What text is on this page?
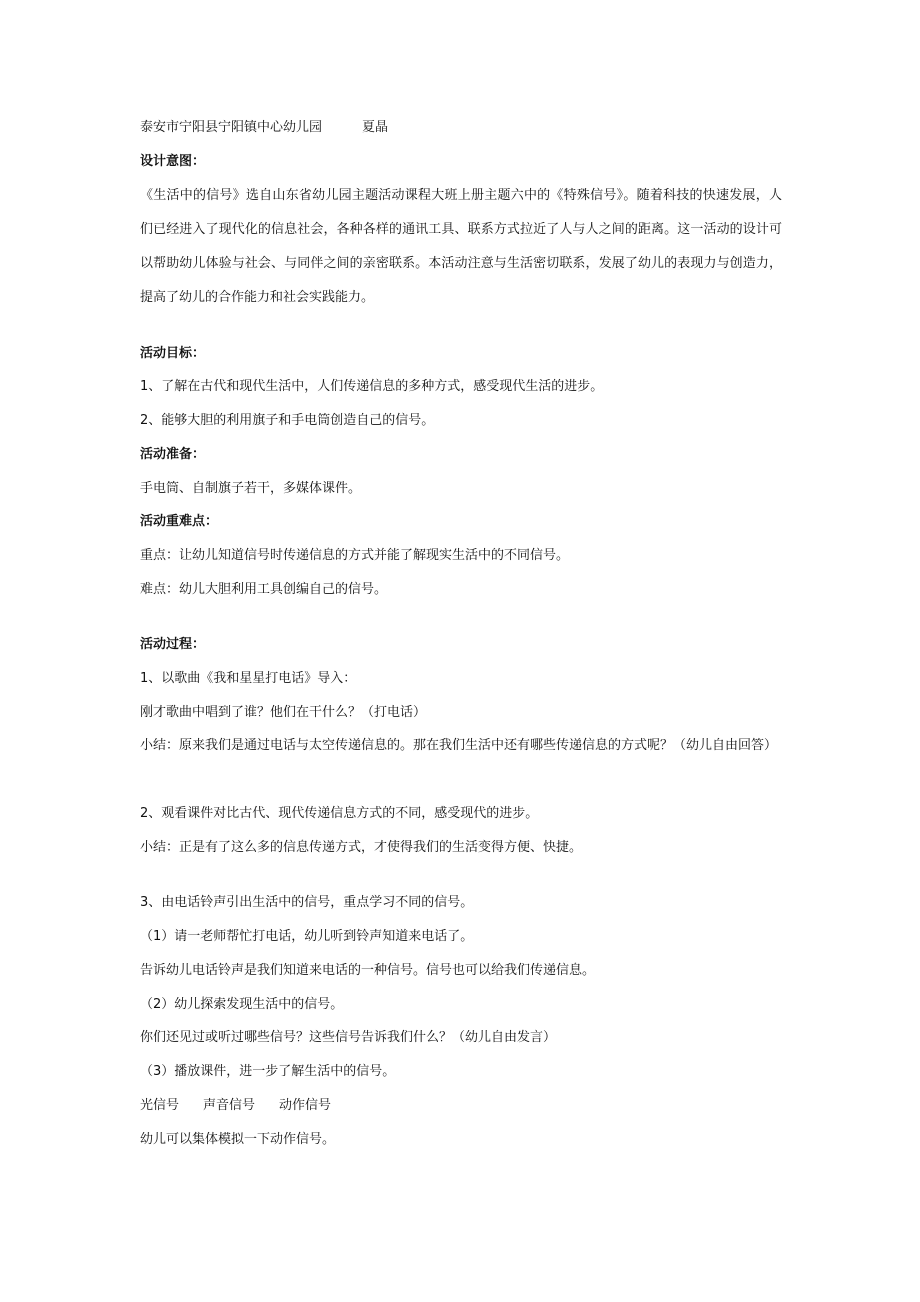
泰安市宁阳县宁阳镇中心幼儿园	夏晶
设计意图：
《生活中的信号》选自山东省幼儿园主题活动课程大班上册主题六中的《特殊信号》。随着科技的快速发展，人们已经进入了现代化的信息社会，各种各样的通讯工具、联系方式拉近了人与人之间的距离。这一活动的设计可以帮助幼儿体验与社会、与同伴之间的亲密联系。本活动注意与生活密切联系，发展了幼儿的表现力与创造力，提高了幼儿的合作能力和社会实践能力。
活动目标：
1、了解在古代和现代生活中，人们传递信息的多种方式，感受现代生活的进步。
2、能够大胆的利用旗子和手电筒创造自己的信号。
活动准备：
手电筒、自制旗子若干，多媒体课件。
活动重难点：
重点：让幼儿知道信号时传递信息的方式并能了解现实生活中的不同信号。
难点：幼儿大胆利用工具创编自己的信号。
活动过程：
1、以歌曲《我和星星打电话》导入：
刚才歌曲中唱到了谁？他们在干什么？（打电话）
小结：原来我们是通过电话与太空传递信息的。那在我们生活中还有哪些传递信息的方式呢？（幼儿自由回答）
2、观看课件对比古代、现代传递信息方式的不同，感受现代的进步。
小结：正是有了这么多的信息传递方式，才使得我们的生活变得方便、快捷。
3、由电话铃声引出生活中的信号，重点学习不同的信号。
（1）请一老师帮忙打电话，幼儿听到铃声知道来电话了。
告诉幼儿电话铃声是我们知道来电话的一种信号。信号也可以给我们传递信息。
（2）幼儿探索发现生活中的信号。
你们还见过或听过哪些信号？这些信号告诉我们什么？（幼儿自由发言）
（3）播放课件，进一步了解生活中的信号。
光信号 声音信号 动作信号
幼儿可以集体模拟一下动作信号。
